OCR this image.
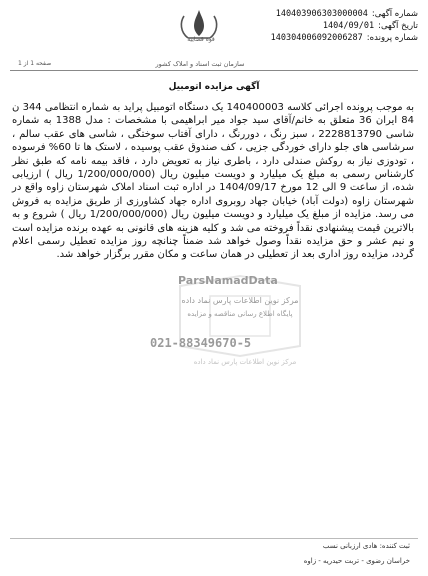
شماره آگهی:
140403906303000004
تاریخ آگهی:
1404/09/01
شماره پرونده:
140304006092006287
قوه قضاییه
سازمان ثبت اسناد و املاک کشور
صفحه 1 از 1
آگهی مزایده اتومبیل
به موجب پرونده اجرائی کلاسه 140400003 یک دستگاه اتومبیل پراید به شماره انتظامی 344 ن 84 ایران 36 متعلق به خانم/آقای سید جواد میر ابراهیمی با مشخصات : مدل 1388 به شماره شاسی 2228813790 ، سبز رنگ ، دوررنگ ، دارای آفتاب سوختگی ، شاسی های عقب سالم ، سرشاسی های جلو دارای خوردگی جزیی ، کف صندوق عقب پوسیده ، لاستک ها تا 60% فرسوده ، تودوزی نیاز به روکش صندلی دارد ، باطری نیاز به تعویض دارد ، فاقد بیمه نامه که طبق نظر کارشناس رسمی به مبلغ یک میلیارد و دویست میلیون ریال (1/200/000/000 ریال ) ارزیابی شده، از ساعت 9 الی 12 مورخ 1404/09/17 در اداره ثبت اسناد املاک شهرستان زاوه واقع در شهرستان زاوه (دولت آباد) خیابان جهاد روبروی اداره جهاد کشاورزی از طریق مزایده به فروش می رسد. مزایده از مبلغ یک میلیارد و دویست میلیون ریال (1/200/000/000 ریال ) شروع و به بالاترین قیمت پیشنهادی نقداً فروخته می شد و کلیه هزینه های قانونی به عهده برنده مزایده است و نیم عشر و حق مزایده نقداً وصول خواهد شد ضمناً چنانچه روز مزایده تعطیل رسمی اعلام گردد، مزایده روز اداری بعد از تعطیلی در همان ساعت و مکان مقرر برگزار خواهد شد.
ParsNamadData
مرکز نوین اطلاعات پارس نماد داده
پایگاه اطلاع رسانی مناقصه و مزایده
021-88349670-5
مرکز نوین اطلاعات پارس نماد داده
ثبت کننده: هادی ارزبانی نسب
خراسان رضوی - تربت حیدریه - زاوه
